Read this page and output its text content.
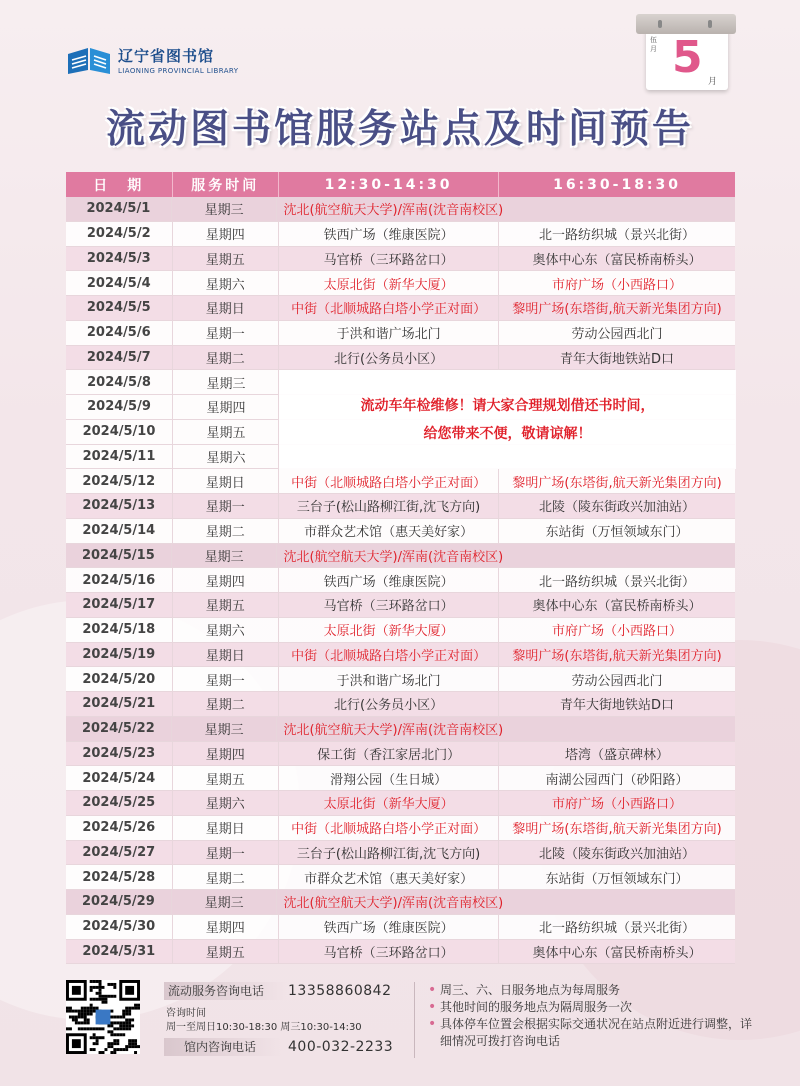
辽宁省图书馆
LIAONING PROVINCIAL LIBRARY
伍月 5 月
流动图书馆服务站点及时间预告
日　期	服务时间	12:30-14:30	16:30-18:30
2024/5/1	星期三	沈北(航空航天大学)/浑南(沈音南校区)
2024/5/2	星期四	铁西广场（维康医院）	北一路纺织城（景兴北街）
2024/5/3	星期五	马官桥（三环路岔口）	奥体中心东（富民桥南桥头）
2024/5/4	星期六	太原北街（新华大厦）	市府广场（小西路口）
2024/5/5	星期日	中街（北顺城路白塔小学正对面）	黎明广场(东塔街,航天新光集团方向)
2024/5/6	星期一	于洪和谐广场北门	劳动公园西北门
2024/5/7	星期二	北行(公务员小区）	青年大街地铁站D口
2024/5/8	星期三
流动车年检维修！请大家合理规划借还书时间，
给您带来不便，敬请谅解！
2024/5/9	星期四
2024/5/10	星期五
2024/5/11	星期六
2024/5/12	星期日	中街（北顺城路白塔小学正对面）	黎明广场(东塔街,航天新光集团方向)
2024/5/13	星期一	三台子(松山路柳江街,沈飞方向)	北陵（陵东街政兴加油站）
2024/5/14	星期二	市群众艺术馆（惠天美好家）	东站街（万恒领域东门）
2024/5/15	星期三	沈北(航空航天大学)/浑南(沈音南校区)
2024/5/16	星期四	铁西广场（维康医院）	北一路纺织城（景兴北街）
2024/5/17	星期五	马官桥（三环路岔口）	奥体中心东（富民桥南桥头）
2024/5/18	星期六	太原北街（新华大厦）	市府广场（小西路口）
2024/5/19	星期日	中街（北顺城路白塔小学正对面）	黎明广场(东塔街,航天新光集团方向)
2024/5/20	星期一	于洪和谐广场北门	劳动公园西北门
2024/5/21	星期二	北行(公务员小区）	青年大街地铁站D口
2024/5/22	星期三	沈北(航空航天大学)/浑南(沈音南校区)
2024/5/23	星期四	保工街（香江家居北门）	塔湾（盛京碑林）
2024/5/24	星期五	滑翔公园（生日城）	南湖公园西门（砂阳路）
2024/5/25	星期六	太原北街（新华大厦）	市府广场（小西路口）
2024/5/26	星期日	中街（北顺城路白塔小学正对面）	黎明广场(东塔街,航天新光集团方向)
2024/5/27	星期一	三台子(松山路柳江街,沈飞方向)	北陵（陵东街政兴加油站）
2024/5/28	星期二	市群众艺术馆（惠天美好家）	东站街（万恒领域东门）
2024/5/29	星期三	沈北(航空航天大学)/浑南(沈音南校区)
2024/5/30	星期四	铁西广场（维康医院）	北一路纺织城（景兴北街）
2024/5/31	星期五	马官桥（三环路岔口）	奥体中心东（富民桥南桥头）
流动服务咨询电话	13358860842
咨询时间
周一至周日10:30-18:30 周三10:30-14:30
馆内咨询电话	400-032-2233
• 周三、六、日服务地点为每周服务
• 其他时间的服务地点为隔周服务一次
• 具体停车位置会根据实际交通状况在站点附近进行调整，详细情况可拨打咨询电话
